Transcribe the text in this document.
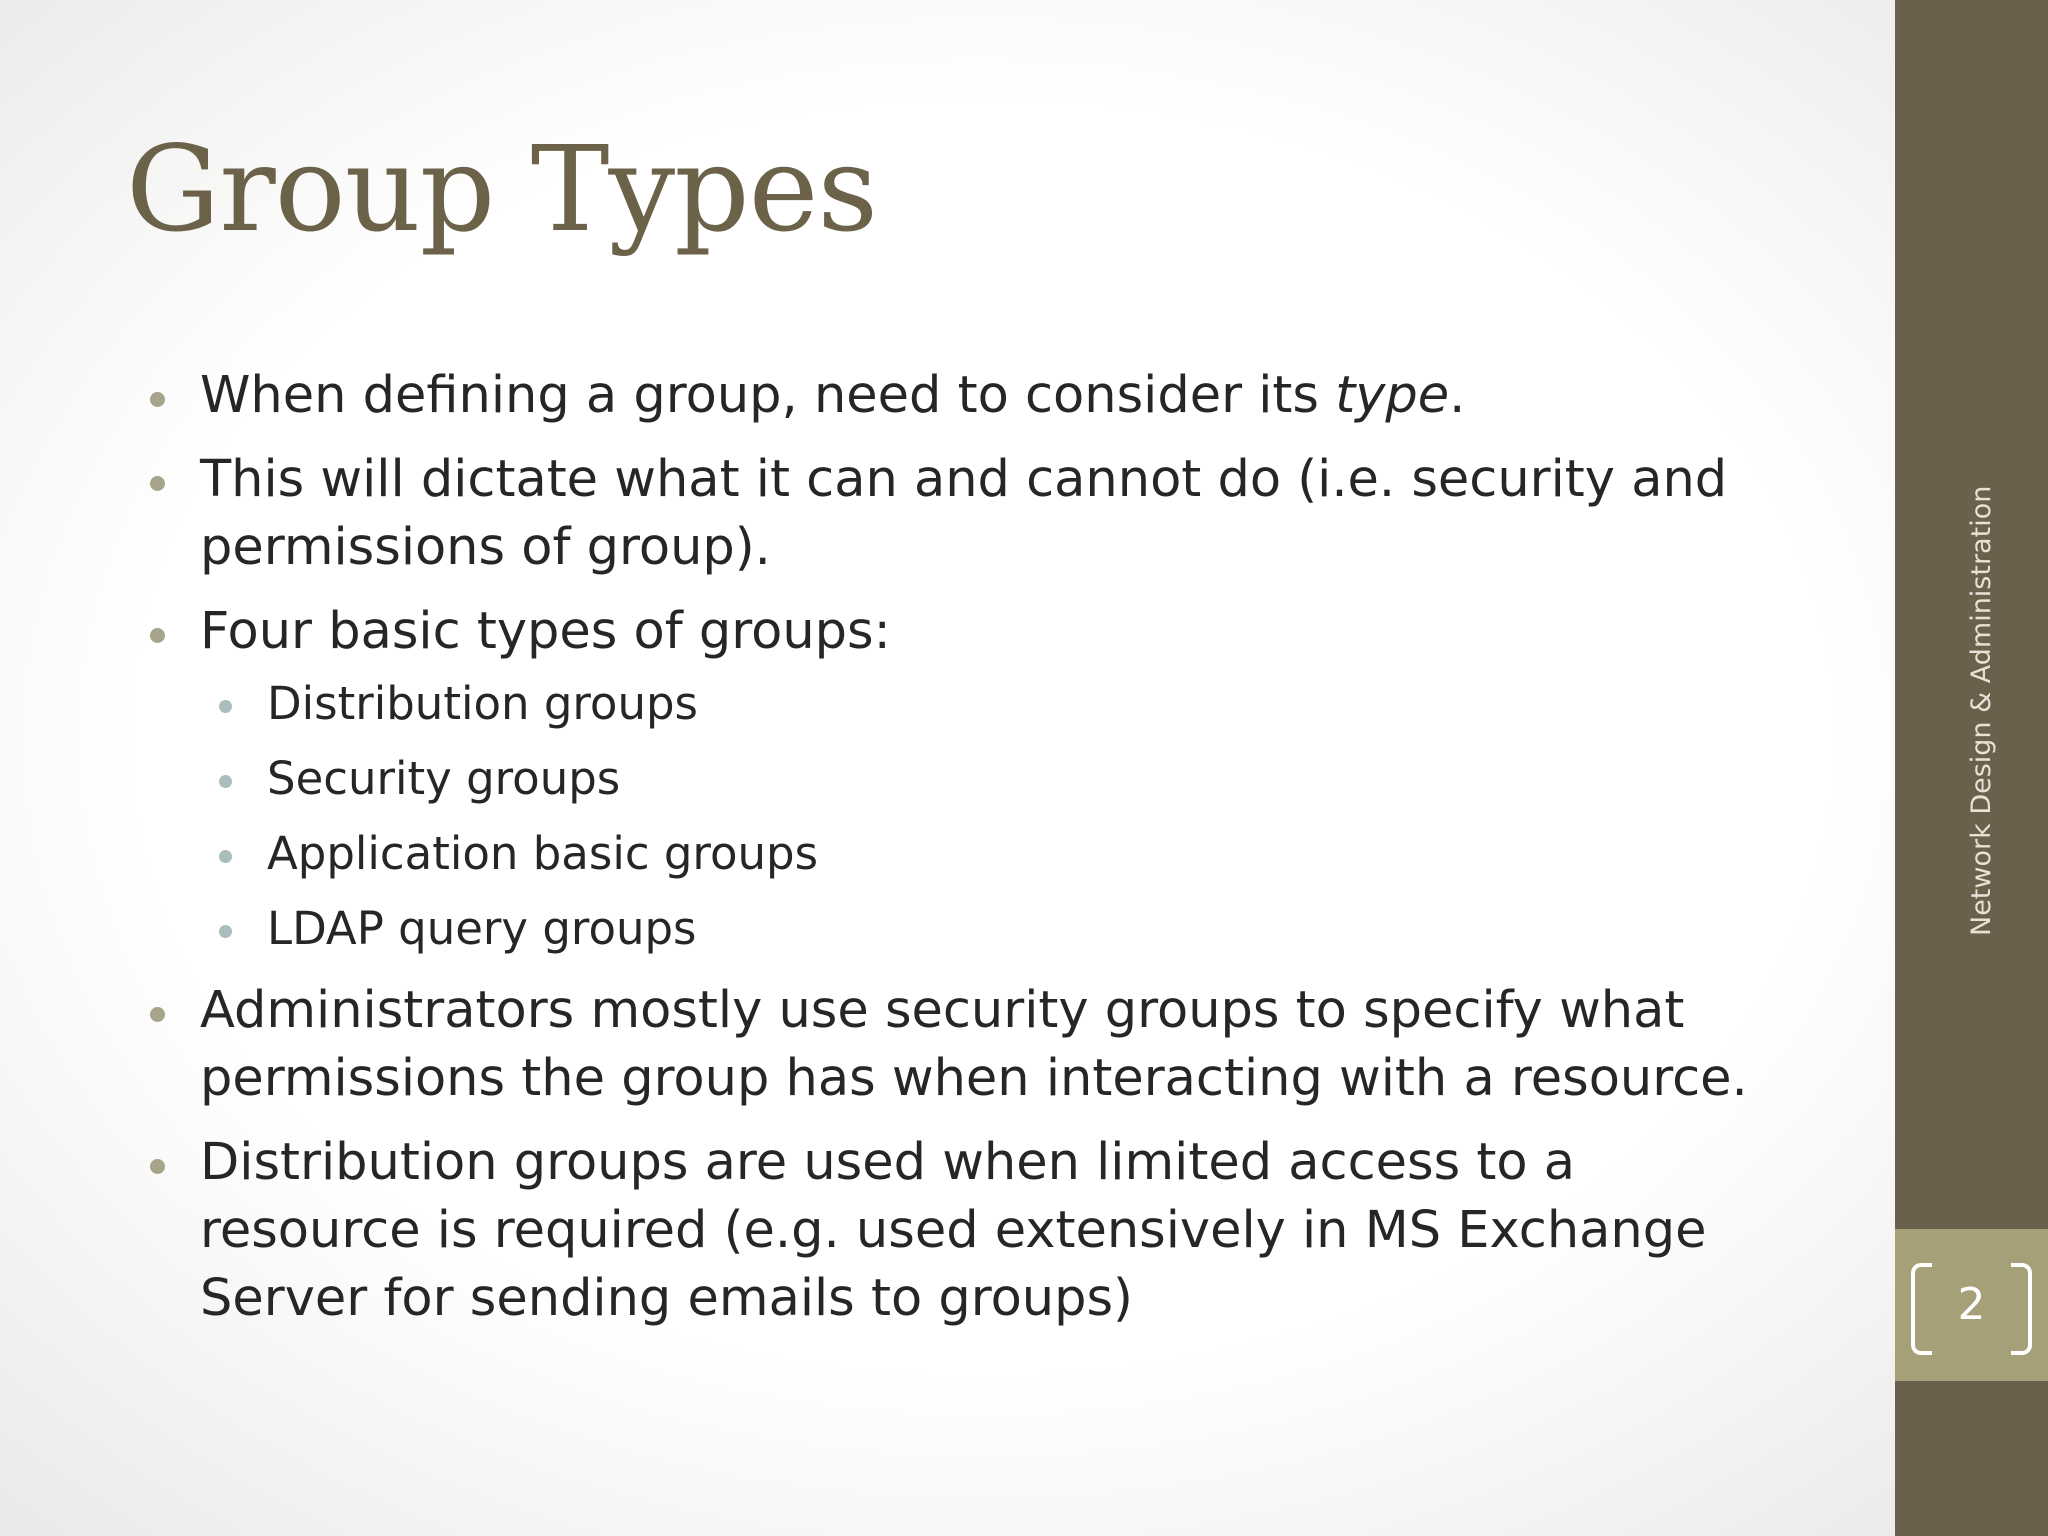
Group Types
When defining a group, need to consider its type.
This will dictate what it can and cannot do (i.e. security and permissions of group).
Four basic types of groups:
Distribution groups
Security groups
Application basic groups
LDAP query groups
Administrators mostly use security groups to specify what permissions the group has when interacting with a resource.
Distribution groups are used when limited access to a resource is required (e.g. used extensively in MS Exchange Server for sending emails to groups)
Network Design & Administration
2
